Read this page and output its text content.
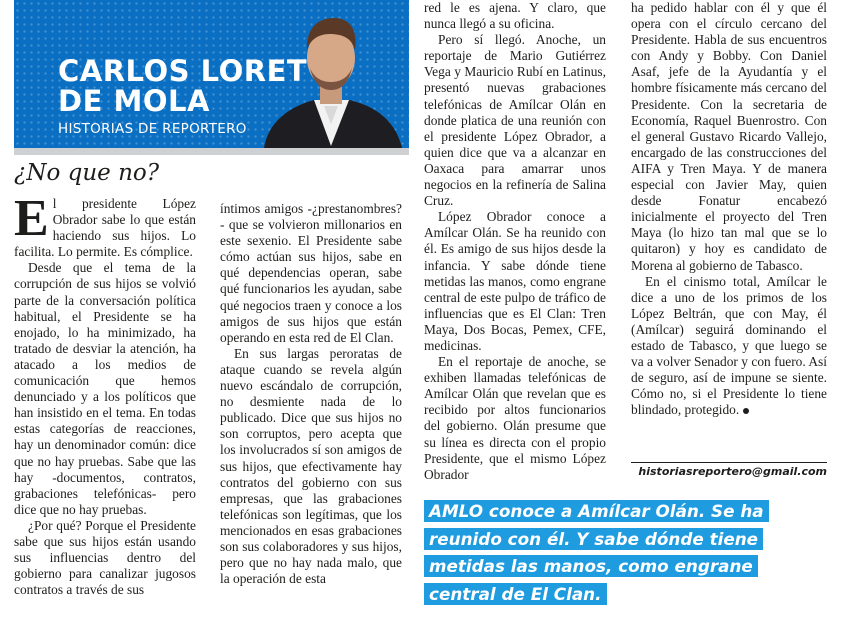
CARLOS LORET
DE MOLA

HISTORIAS DE REPORTERO

¿No que no?

El presidente López Obrador sabe lo que están haciendo sus hijos. Lo facilita. Lo permite. Es cómplice.

Desde que el tema de la corrupción de sus hijos se volvió parte de la conversación política habitual, el Presidente se ha enojado, lo ha minimizado, ha tratado de desviar la atención, ha atacado a los medios de comunicación que hemos denunciado y a los políticos que han insistido en el tema. En todas estas categorías de reacciones, hay un denominador común: dice que no hay pruebas. Sabe que las hay -documentos, contratos, grabaciones telefónicas- pero dice que no hay pruebas.

¿Por qué? Porque el Presidente sabe que sus hijos están usando sus influencias dentro del gobierno para canalizar jugosos contratos a través de sus

íntimos amigos -¿prestanombres?- que se volvieron millonarios en este sexenio. El Presidente sabe cómo actúan sus hijos, sabe en qué dependencias operan, sabe qué funcionarios les ayudan, sabe qué negocios traen y conoce a los amigos de sus hijos que están operando en esta red de El Clan.

En sus largas peroratas de ataque cuando se revela algún nuevo escándalo de corrupción, no desmiente nada de lo publicado. Dice que sus hijos no son corruptos, pero acepta que los involucrados sí son amigos de sus hijos, que efectivamente hay contratos del gobierno con sus empresas, que las grabaciones telefónicas son legítimas, que los mencionados en esas grabaciones son sus colaboradores y sus hijos, pero que no hay nada malo, que la operación de esta

red le es ajena. Y claro, que nunca llegó a su oficina.

Pero sí llegó. Anoche, un reportaje de Mario Gutiérrez Vega y Mauricio Rubí en Latinus, presentó nuevas grabaciones telefónicas de Amílcar Olán en donde platica de una reunión con el presidente López Obrador, a quien dice que va a alcanzar en Oaxaca para amarrar unos negocios en la refinería de Salina Cruz.

López Obrador conoce a Amílcar Olán. Se ha reunido con él. Es amigo de sus hijos desde la infancia. Y sabe dónde tiene metidas las manos, como engrane central de este pulpo de tráfico de influencias que es El Clan: Tren Maya, Dos Bocas, Pemex, CFE, medicinas.

En el reportaje de anoche, se exhiben llamadas telefónicas de Amílcar Olán que revelan que es recibido por altos funcionarios del gobierno. Olán presume que su línea es directa con el propio Presidente, que el mismo López Obrador

ha pedido hablar con él y que él opera con el círculo cercano del Presidente. Habla de sus encuentros con Andy y Bobby. Con Daniel Asaf, jefe de la Ayudantía y el hombre físicamente más cercano del Presidente. Con la secretaria de Economía, Raquel Buenrostro. Con el general Gustavo Ricardo Vallejo, encargado de las construcciones del AIFA y Tren Maya. Y de manera especial con Javier May, quien desde Fonatur encabezó inicialmente el proyecto del Tren Maya (lo hizo tan mal que se lo quitaron) y hoy es candidato de Morena al gobierno de Tabasco.

En el cinismo total, Amílcar le dice a uno de los primos de los López Beltrán, que con May, él (Amílcar) seguirá dominando el estado de Tabasco, y que luego se va a volver Senador y con fuero. Así de seguro, así de impune se siente. Cómo no, si el Presidente lo tiene blindado, protegido.

historiasreportero@gmail.com
AMLO conoce a Amílcar Olán. Se ha reunido con él. Y sabe dónde tiene metidas las manos, como engrane central de El Clan.
